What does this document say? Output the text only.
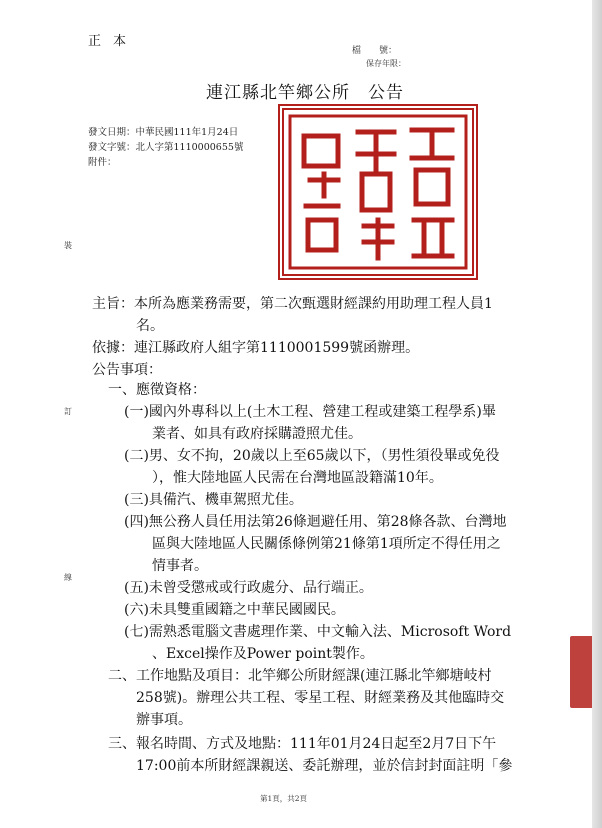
正本
檔　　號：
保存年限：
連江縣北竿鄉公所　公告
發文日期：中華民國111年1月24日
發文字號：北人字第1110000655號
附件：
裝
訂
線
主旨：本所為應業務需要，第二次甄選財經課約用助理工程人員1
名。
依據：連江縣政府人組字第1110001599號函辦理。
公告事項：
一、應徵資格：
(一)國內外專科以上(土木工程、營建工程或建築工程學系)畢
業者、如具有政府採購證照尤佳。
(二)男、女不拘，20歲以上至65歲以下，（男性須役畢或免役
），惟大陸地區人民需在台灣地區設籍滿10年。
(三)具備汽、機車駕照尤佳。
(四)無公務人員任用法第26條迴避任用、第28條各款、台灣地
區與大陸地區人民關係條例第21條第1項所定不得任用之
情事者。
(五)未曾受懲戒或行政處分、品行端正。
(六)未具雙重國籍之中華民國國民。
(七)需熟悉電腦文書處理作業、中文輸入法、Microsoft Word
、Excel操作及Power point製作。
二、工作地點及項目：北竿鄉公所財經課(連江縣北竿鄉塘岐村
258號)。辦理公共工程、零星工程、財經業務及其他臨時交
辦事項。
三、報名時間、方式及地點：111年01月24日起至2月7日下午
17:00前本所財經課親送、委託辦理，並於信封封面註明「參
第1頁，共2頁
